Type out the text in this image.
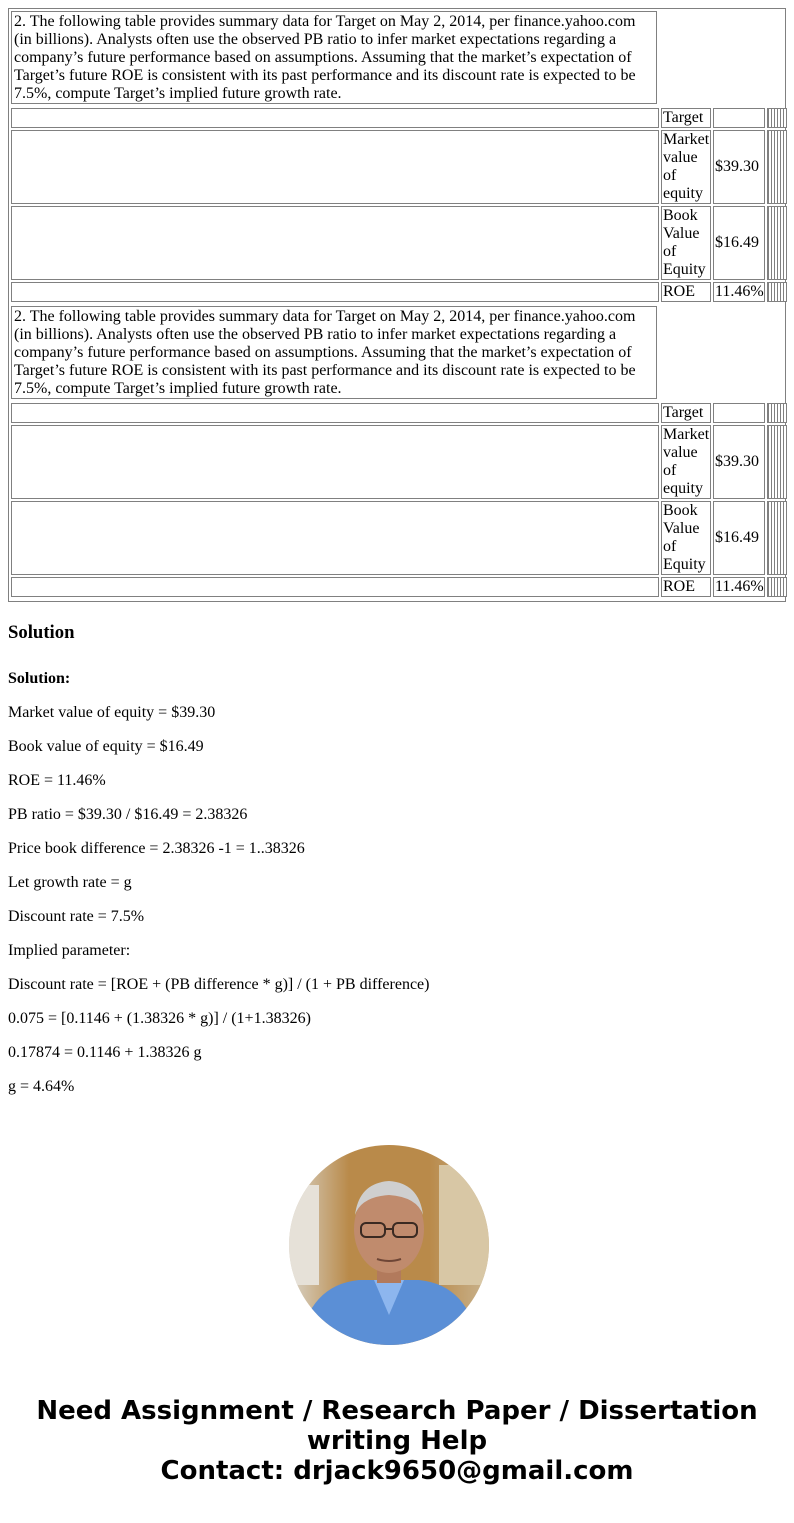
2. The following table provides summary data for Target on May 2, 2014, per finance.yahoo.com (in billions). Analysts often use the observed PB ratio to infer market expectations regarding a company’s future performance based on assumptions. Assuming that the market’s expectation of Target’s future ROE is consistent with its past performance and its discount rate is expected to be 7.5%, compute Target’s implied future growth rate.

	Target		
	Market value of equity	$39.30	
	Book Value of Equity	$16.49	
	ROE	11.46%	

2. The following table provides summary data for Target on May 2, 2014, per finance.yahoo.com (in billions). Analysts often use the observed PB ratio to infer market expectations regarding a company’s future performance based on assumptions. Assuming that the market’s expectation of Target’s future ROE is consistent with its past performance and its discount rate is expected to be 7.5%, compute Target’s implied future growth rate.

	Target		
	Market value of equity	$39.30	
	Book Value of Equity	$16.49	
	ROE	11.46%	
Solution

Solution:

Market value of equity = $39.30

Book value of equity = $16.49

ROE = 11.46%

PB ratio = $39.30 / $16.49 = 2.38326

Price book difference = 2.38326 -1 = 1..38326

Let growth rate = g

Discount rate = 7.5%

Implied parameter:

Discount rate = [ROE + (PB difference * g)] / (1 + PB difference)

0.075 = [0.1146 + (1.38326 * g)] / (1+1.38326)

0.17874 = 0.1146 + 1.38326 g

g = 4.64%

Need Assignment / Research Paper / Dissertation
writing Help
Contact: drjack9650@gmail.com
